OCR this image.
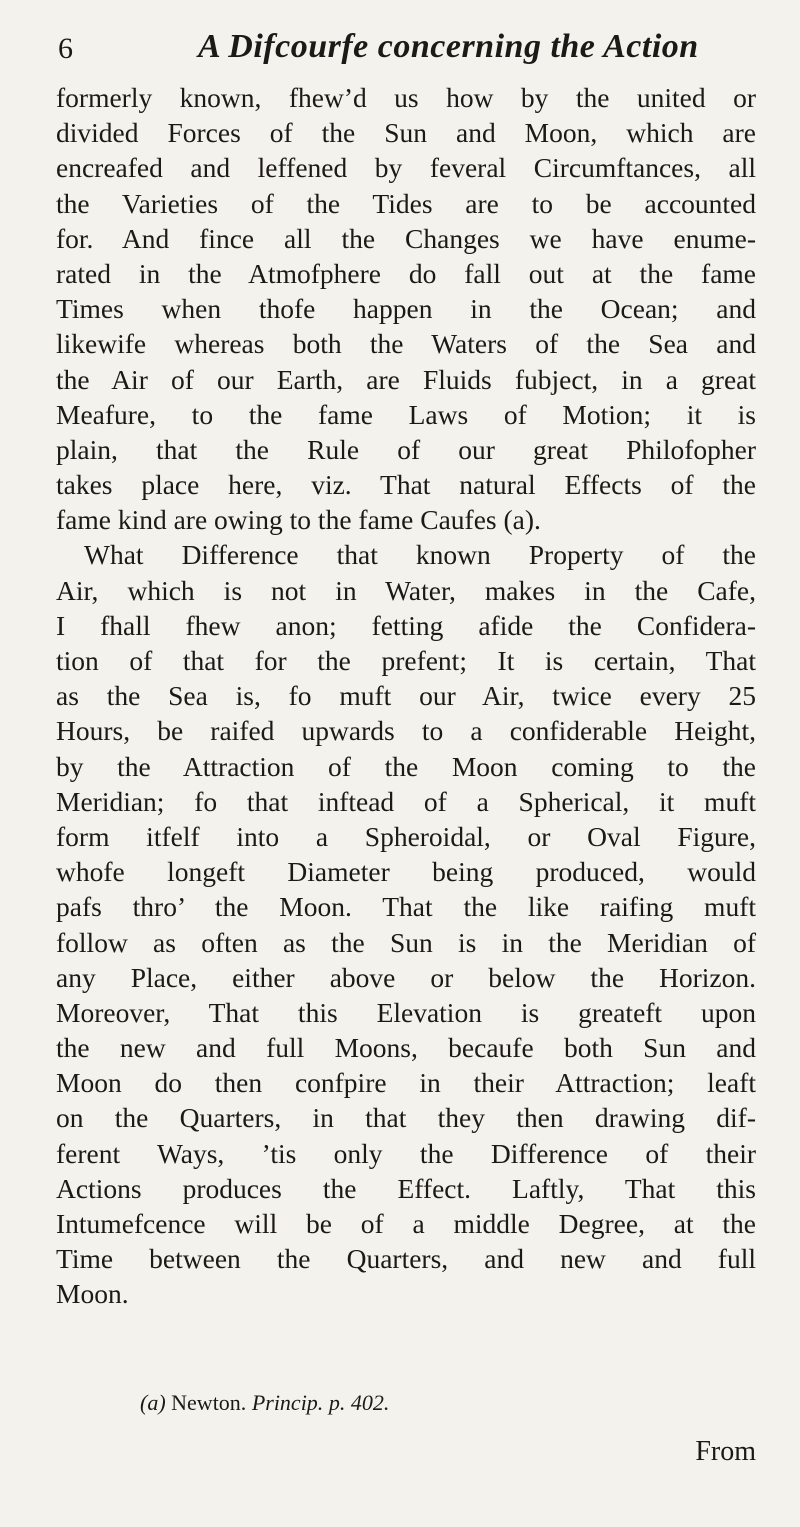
6	A Difcourfe concerning the Action
formerly known, fhew’d us how by the united or
divided Forces of the Sun and Moon, which are
encreafed and leffened by feveral Circumftances, all
the Varieties of the Tides are to be accounted
for. And fince all the Changes we have enume-
rated in the Atmofphere do fall out at the fame
Times when thofe happen in the Ocean; and
likewife whereas both the Waters of the Sea and
the Air of our Earth, are Fluids fubject, in a great
Meafure, to the fame Laws of Motion; it is
plain, that the Rule of our great Philofopher
takes place here, viz. That natural Effects of the
fame kind are owing to the fame Caufes (a).
What Difference that known Property of the
Air, which is not in Water, makes in the Cafe,
I fhall fhew anon; fetting afide the Confidera-
tion of that for the prefent; It is certain, That
as the Sea is, fo muft our Air, twice every 25
Hours, be raifed upwards to a confiderable Height,
by the Attraction of the Moon coming to the
Meridian; fo that inftead of a Spherical, it muft
form itfelf into a Spheroidal, or Oval Figure,
whofe longeft Diameter being produced, would
pafs thro’ the Moon. That the like raifing muft
follow as often as the Sun is in the Meridian of
any Place, either above or below the Horizon.
Moreover, That this Elevation is greateft upon
the new and full Moons, becaufe both Sun and
Moon do then confpire in their Attraction; leaft
on the Quarters, in that they then drawing dif-
ferent Ways, ’tis only the Difference of their
Actions produces the Effect. Laftly, That this
Intumefcence will be of a middle Degree, at the
Time between the Quarters, and new and full
Moon.
(a) Newton. Princip. p. 402.
From
